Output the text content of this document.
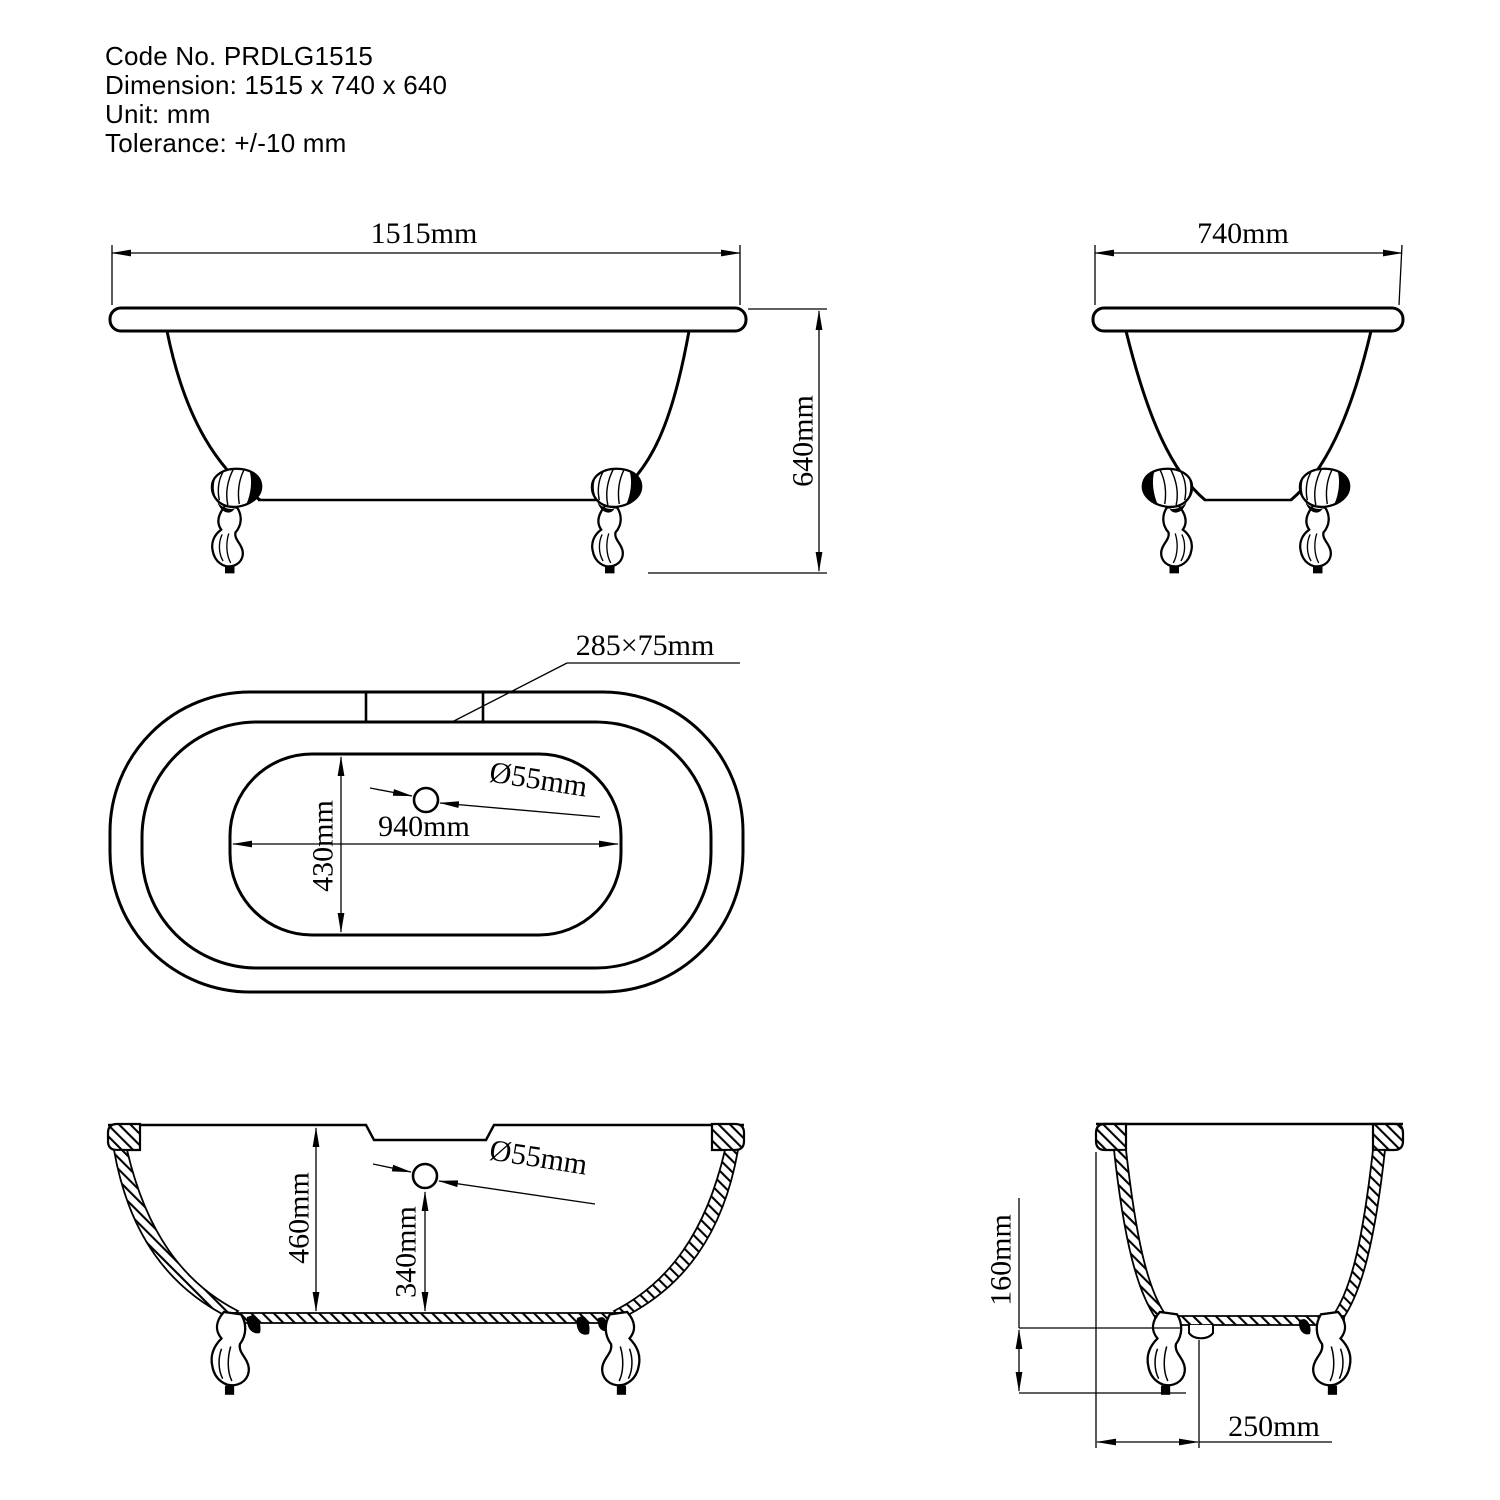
Code No. PRDLG1515
Dimension: 1515 x 740 x 640
Unit: mm
Tolerance: +/-10 mm
1515mm
640mm
740mm
285×75mm
Ø55mm
940mm
430mm
460mm
Ø55mm
340mm	160mm
250mm
